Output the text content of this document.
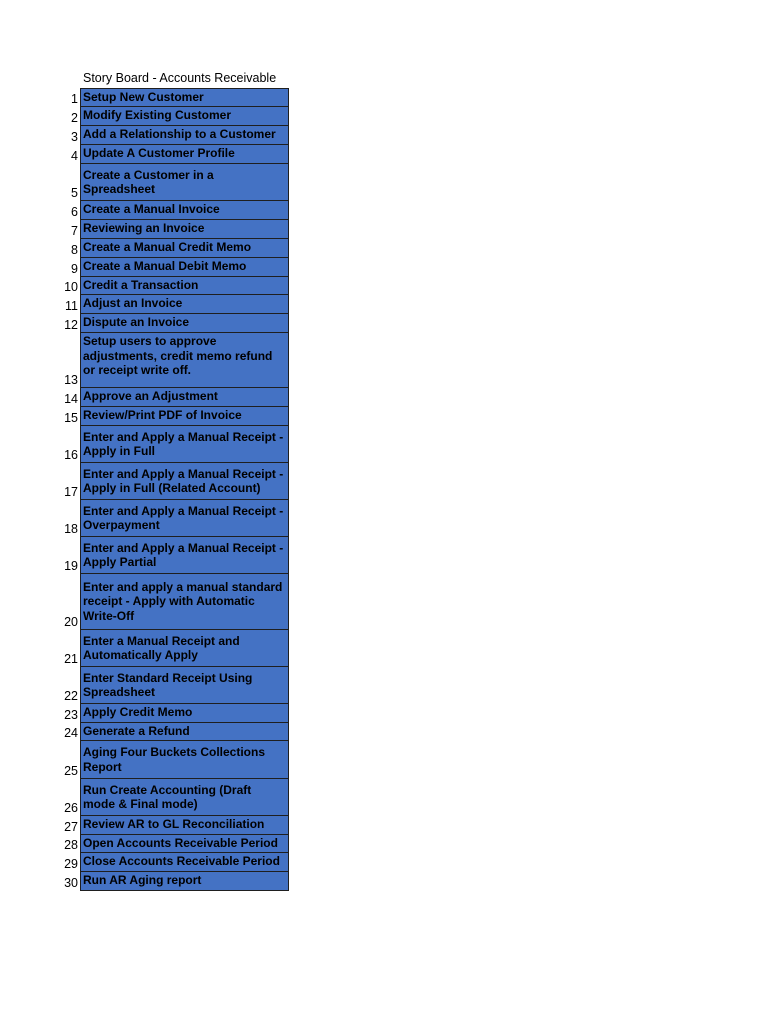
Story Board - Accounts Receivable
1 Setup New Customer
2 Modify Existing Customer
3 Add a Relationship to a Customer
4 Update A Customer Profile
5
Create a Customer in a Spreadsheet
6 Create a Manual Invoice
7 Reviewing an Invoice
8 Create a Manual Credit Memo
9 Create a Manual Debit Memo
10 Credit a Transaction
11 Adjust an Invoice
12 Dispute an Invoice
13
Setup users to approve adjustments, credit memo refund or receipt write off.
14 Approve an Adjustment
15 Review/Print PDF of Invoice
16
Enter and Apply a Manual Receipt - Apply in Full
17
Enter and Apply a Manual Receipt - Apply in Full (Related Account)
18
Enter and Apply a Manual Receipt - Overpayment
19
Enter and Apply a Manual Receipt - Apply Partial
20
Enter and apply a manual standard receipt - Apply with Automatic Write-Off
21
Enter a Manual Receipt and Automatically Apply
22
Enter Standard Receipt Using Spreadsheet
23 Apply Credit Memo
24 Generate a Refund
25
Aging Four Buckets Collections Report
26
Run Create Accounting (Draft mode & Final mode)
27 Review AR to GL Reconciliation
28 Open Accounts Receivable Period
29 Close Accounts Receivable Period
30 Run AR Aging report
